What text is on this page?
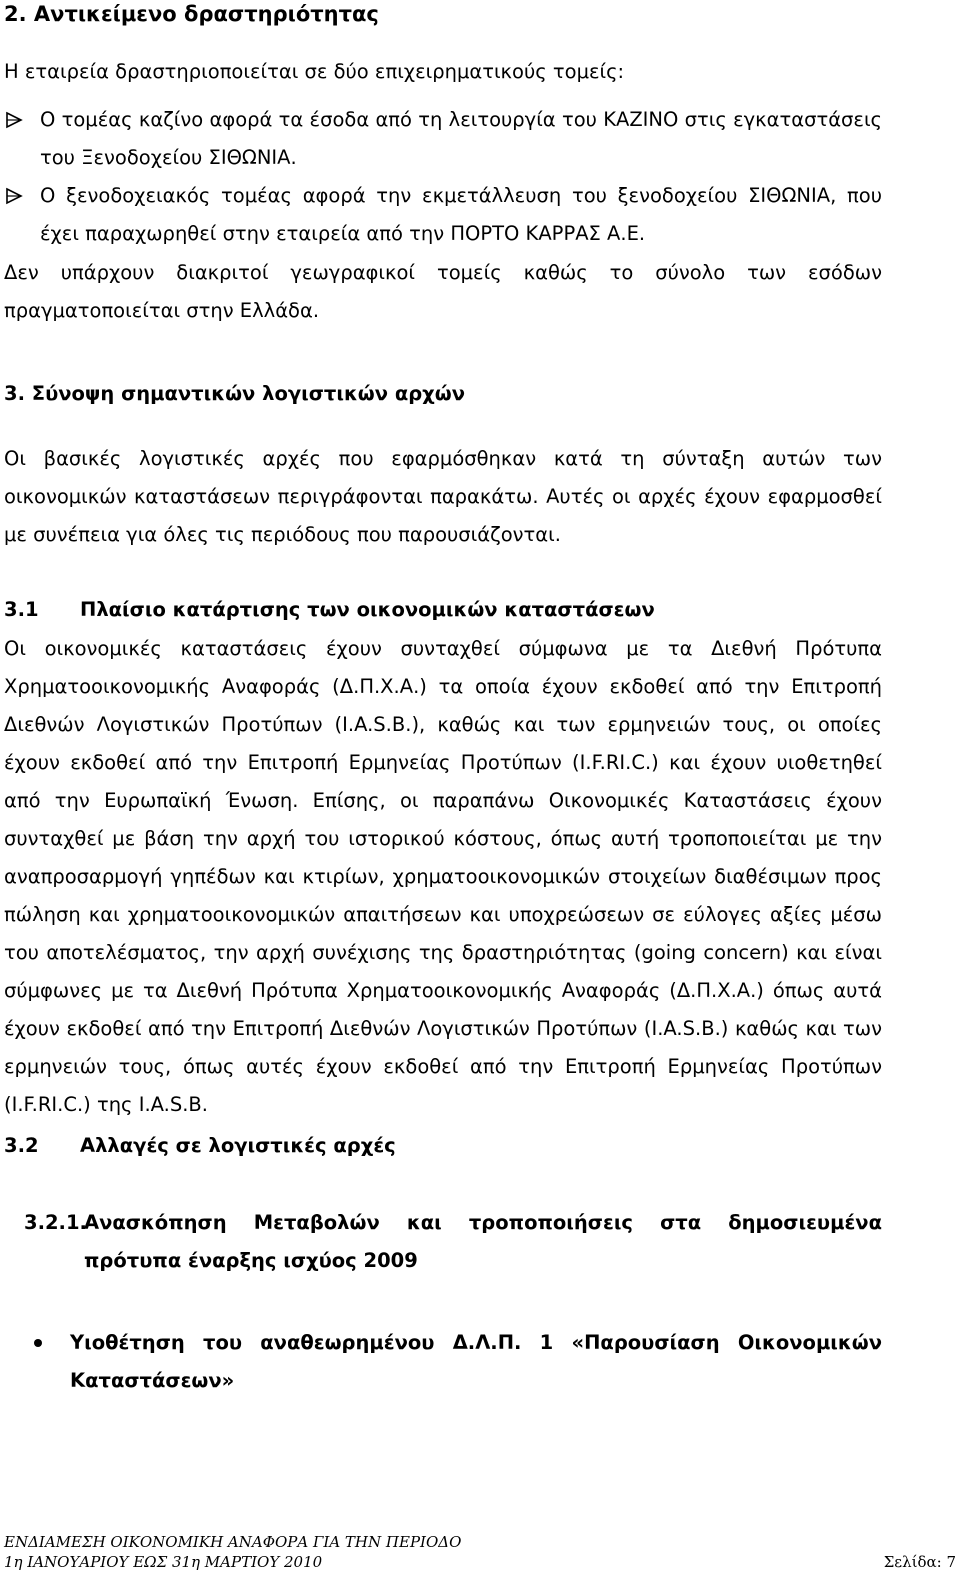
2. Αντικείμενο δραστηριότητας
Η εταιρεία δραστηριοποιείται σε δύο επιχειρηματικούς τομείς:
Ο τομέας καζίνο αφορά τα έσοδα από τη λειτουργία του ΚΑΖΙΝΟ στις εγκαταστάσεις του Ξενοδοχείου ΣΙΘΩΝΙΑ.
Ο ξενοδοχειακός τομέας αφορά την εκμετάλλευση του ξενοδοχείου ΣΙΘΩΝΙΑ, που έχει παραχωρηθεί στην εταιρεία από την ΠΟΡΤΟ ΚΑΡΡΑΣ Α.Ε.
Δεν υπάρχουν διακριτοί γεωγραφικοί τομείς καθώς το σύνολο των εσόδων πραγματοποιείται στην Ελλάδα.
3. Σύνοψη σημαντικών λογιστικών αρχών
Οι βασικές λογιστικές αρχές που εφαρμόσθηκαν κατά τη σύνταξη αυτών των οικονομικών καταστάσεων περιγράφονται παρακάτω. Αυτές οι αρχές έχουν εφαρμοσθεί με συνέπεια για όλες τις περιόδους που παρουσιάζονται.
3.1	Πλαίσιο κατάρτισης των οικονομικών καταστάσεων
Οι οικονομικές καταστάσεις έχουν συνταχθεί σύμφωνα με τα Διεθνή Πρότυπα Χρηματοοικονομικής Αναφοράς (Δ.Π.Χ.Α.) τα οποία έχουν εκδοθεί από την Επιτροπή Διεθνών Λογιστικών Προτύπων (I.A.S.B.), καθώς και των ερμηνειών τους, οι οποίες έχουν εκδοθεί από την Επιτροπή Ερμηνείας Προτύπων (I.F.RI.C.) και έχουν υιοθετηθεί από την Ευρωπαϊκή Ένωση. Επίσης, οι παραπάνω Οικονομικές Καταστάσεις έχουν συνταχθεί με βάση την αρχή του ιστορικού κόστους, όπως αυτή τροποποιείται με την αναπροσαρμογή γηπέδων και κτιρίων, χρηματοοικονομικών στοιχείων διαθέσιμων προς πώληση και χρηματοοικονομικών απαιτήσεων και υποχρεώσεων σε εύλογες αξίες μέσω του αποτελέσματος, την αρχή συνέχισης της δραστηριότητας (going concern) και είναι σύμφωνες με τα Διεθνή Πρότυπα Χρηματοοικονομικής Αναφοράς (Δ.Π.Χ.Α.) όπως αυτά έχουν εκδοθεί από την Επιτροπή Διεθνών Λογιστικών Προτύπων (I.A.S.B.) καθώς και των ερμηνειών τους, όπως αυτές έχουν εκδοθεί από την Επιτροπή Ερμηνείας Προτύπων (I.F.RI.C.) της I.A.S.B.
3.2	Αλλαγές σε λογιστικές αρχές
3.2.1.
Ανασκόπηση Μεταβολών και τροποποιήσεις στα δημοσιευμένα πρότυπα έναρξης ισχύος 2009
Υιοθέτηση του αναθεωρημένου Δ.Λ.Π. 1 «Παρουσίαση Οικονομικών Καταστάσεων»
ΕΝΔΙΑΜΕΣΗ ΟΙΚΟΝΟΜΙΚΗ ΑΝΑΦΟΡΑ ΓΙΑ ΤΗΝ ΠΕΡΙΟΔΟ
1η ΙΑΝΟΥΑΡΙΟΥ ΕΩΣ 31η ΜΑΡΤΙΟΥ 2010	Σελίδα: 7
